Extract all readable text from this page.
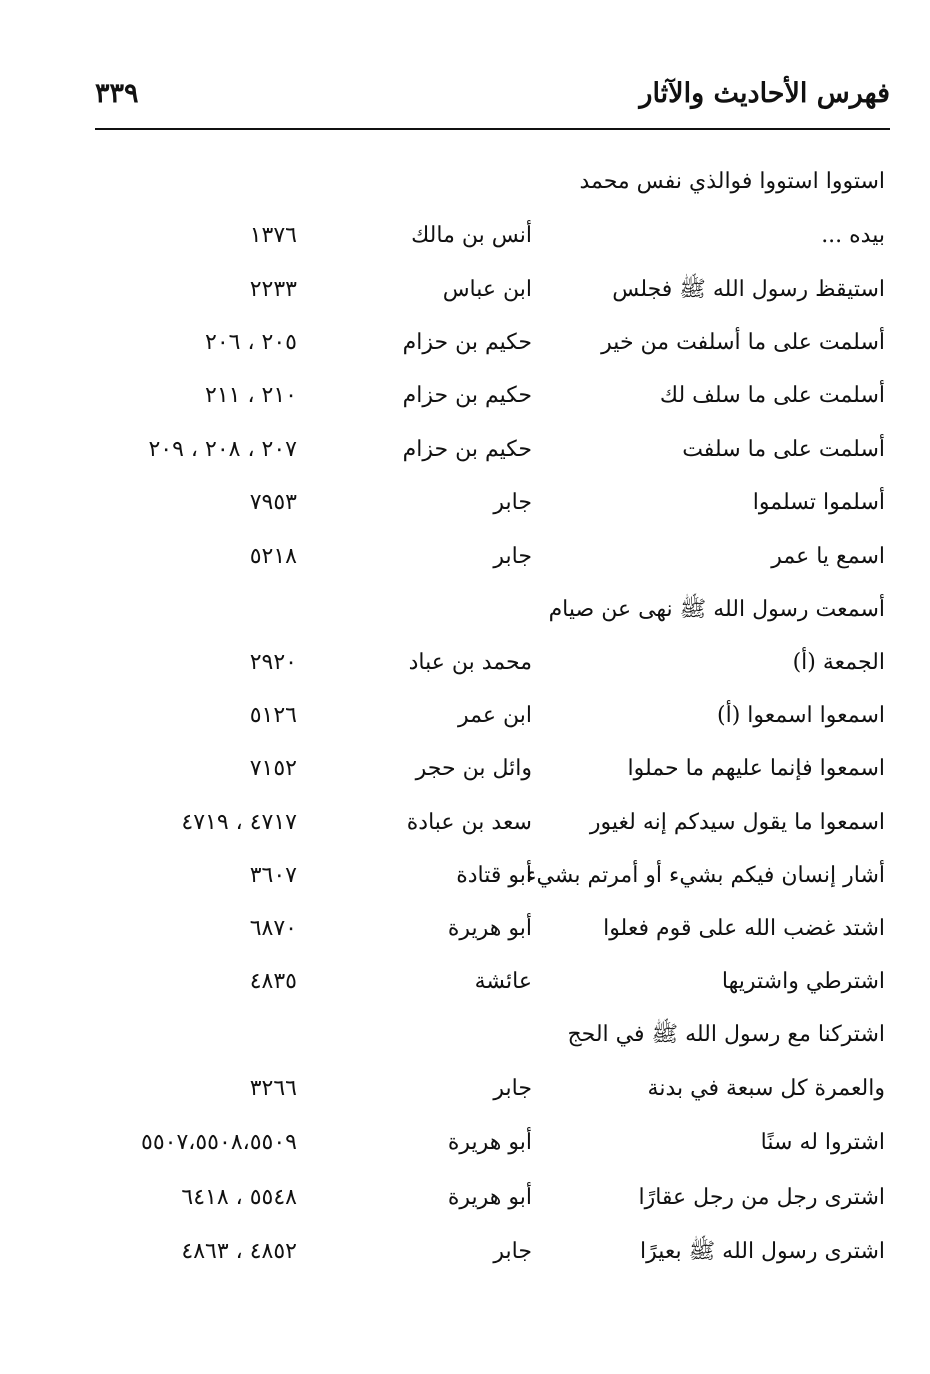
فهرس الأحاديث والآثار
٣٣٩
استووا استووا فوالذي نفس محمد
بيده ...
أنس بن مالك
١٣٧٦
استيقظ رسول الله ﷺ فجلس
ابن عباس
٢٢٣٣
أسلمت على ما أسلفت من خير
حكيم بن حزام
٢٠٥ ، ٢٠٦
أسلمت على ما سلف لك
حكيم بن حزام
٢١٠ ، ٢١١
أسلمت على ما سلفت
حكيم بن حزام
٢٠٧ ، ٢٠٨ ، ٢٠٩
أسلموا تسلموا
جابر
٧٩٥٣
اسمع يا عمر
جابر
٥٢١٨
أسمعت رسول الله ﷺ نهى عن صيام
الجمعة (أ)
محمد بن عباد
٢٩٢٠
اسمعوا اسمعوا (أ)
ابن عمر
٥١٢٦
اسمعوا فإنما عليهم ما حملوا
وائل بن حجر
٧١٥٢
اسمعوا ما يقول سيدكم إنه لغيور
سعد بن عبادة
٤٧١٧ ، ٤٧١٩
أشار إنسان فيكم بشيء أو أمرتم بشيء
أبو قتادة
٣٦٠٧
اشتد غضب الله على قوم فعلوا
أبو هريرة
٦٨٧٠
اشترطي واشتريها
عائشة
٤٨٣٥
اشتركنا مع رسول الله ﷺ في الحج
والعمرة كل سبعة في بدنة
جابر
٣٢٦٦
اشتروا له سنًا
أبو هريرة
٥٥٠٧،٥٥٠٨،٥٥٠٩
اشترى رجل من رجل عقارًا
أبو هريرة
٥٥٤٨ ، ٦٤١٨
اشترى رسول الله ﷺ بعيرًا
جابر
٤٨٥٢ ، ٤٨٦٣
